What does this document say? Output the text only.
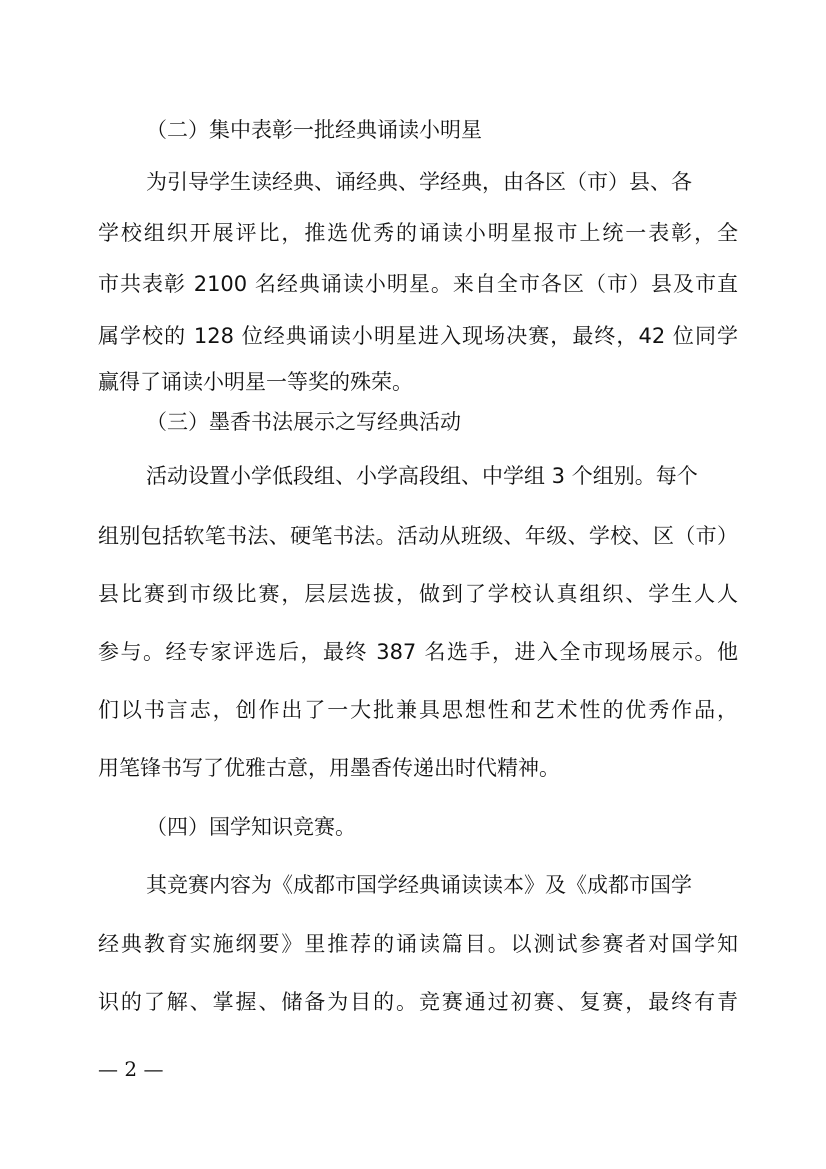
（二）集中表彰一批经典诵读小明星
为引导学生读经典、诵经典、学经典，由各区（市）县、各
学校组织开展评比，推选优秀的诵读小明星报市上统一表彰，全
市共表彰 2100 名经典诵读小明星。来自全市各区（市）县及市直
属学校的 128 位经典诵读小明星进入现场决赛，最终，42 位同学
赢得了诵读小明星一等奖的殊荣。
（三）墨香书法展示之写经典活动
活动设置小学低段组、小学高段组、中学组 3 个组别。每个
组别包括软笔书法、硬笔书法。活动从班级、年级、学校、区（市）
县比赛到市级比赛，层层选拔，做到了学校认真组织、学生人人
参与。经专家评选后，最终 387 名选手，进入全市现场展示。他
们以书言志，创作出了一大批兼具思想性和艺术性的优秀作品，
用笔锋书写了优雅古意，用墨香传递出时代精神。
（四）国学知识竞赛。
其竞赛内容为《成都市国学经典诵读读本》及《成都市国学
经典教育实施纲要》里推荐的诵读篇目。以测试参赛者对国学知
识的了解、掌握、储备为目的。竞赛通过初赛、复赛，最终有青
— 2 —
